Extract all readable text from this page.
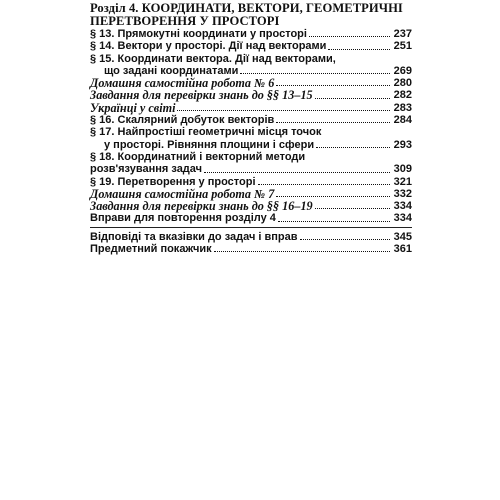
Розділ 4. КООРДИНАТИ, ВЕКТОРИ, ГЕОМЕТРИЧНІ
ПЕРЕТВОРЕННЯ У ПРОСТОРІ
§ 13. Прямокутні координати у просторі	237
§ 14. Вектори у просторі. Дії над векторами	251
§ 15. Координати вектора. Дії над векторами,
що задані координатами	269
Домашня самостійна робота № 6	280
Завдання для перевірки знань до §§ 13–15	282
Українці у світі	283
§ 16. Скалярний добуток векторів	284
§ 17. Найпростіші геометричні місця точок
у просторі. Рівняння площини і сфери	293
§ 18. Координатний і векторний методи
розв'язування задач	309
§ 19. Перетворення у просторі	321
Домашня самостійна робота № 7	332
Завдання для перевірки знань до §§ 16–19	334
Вправи для повторення розділу 4	334
Відповіді та вказівки до задач і вправ	345
Предметний покажчик	361
